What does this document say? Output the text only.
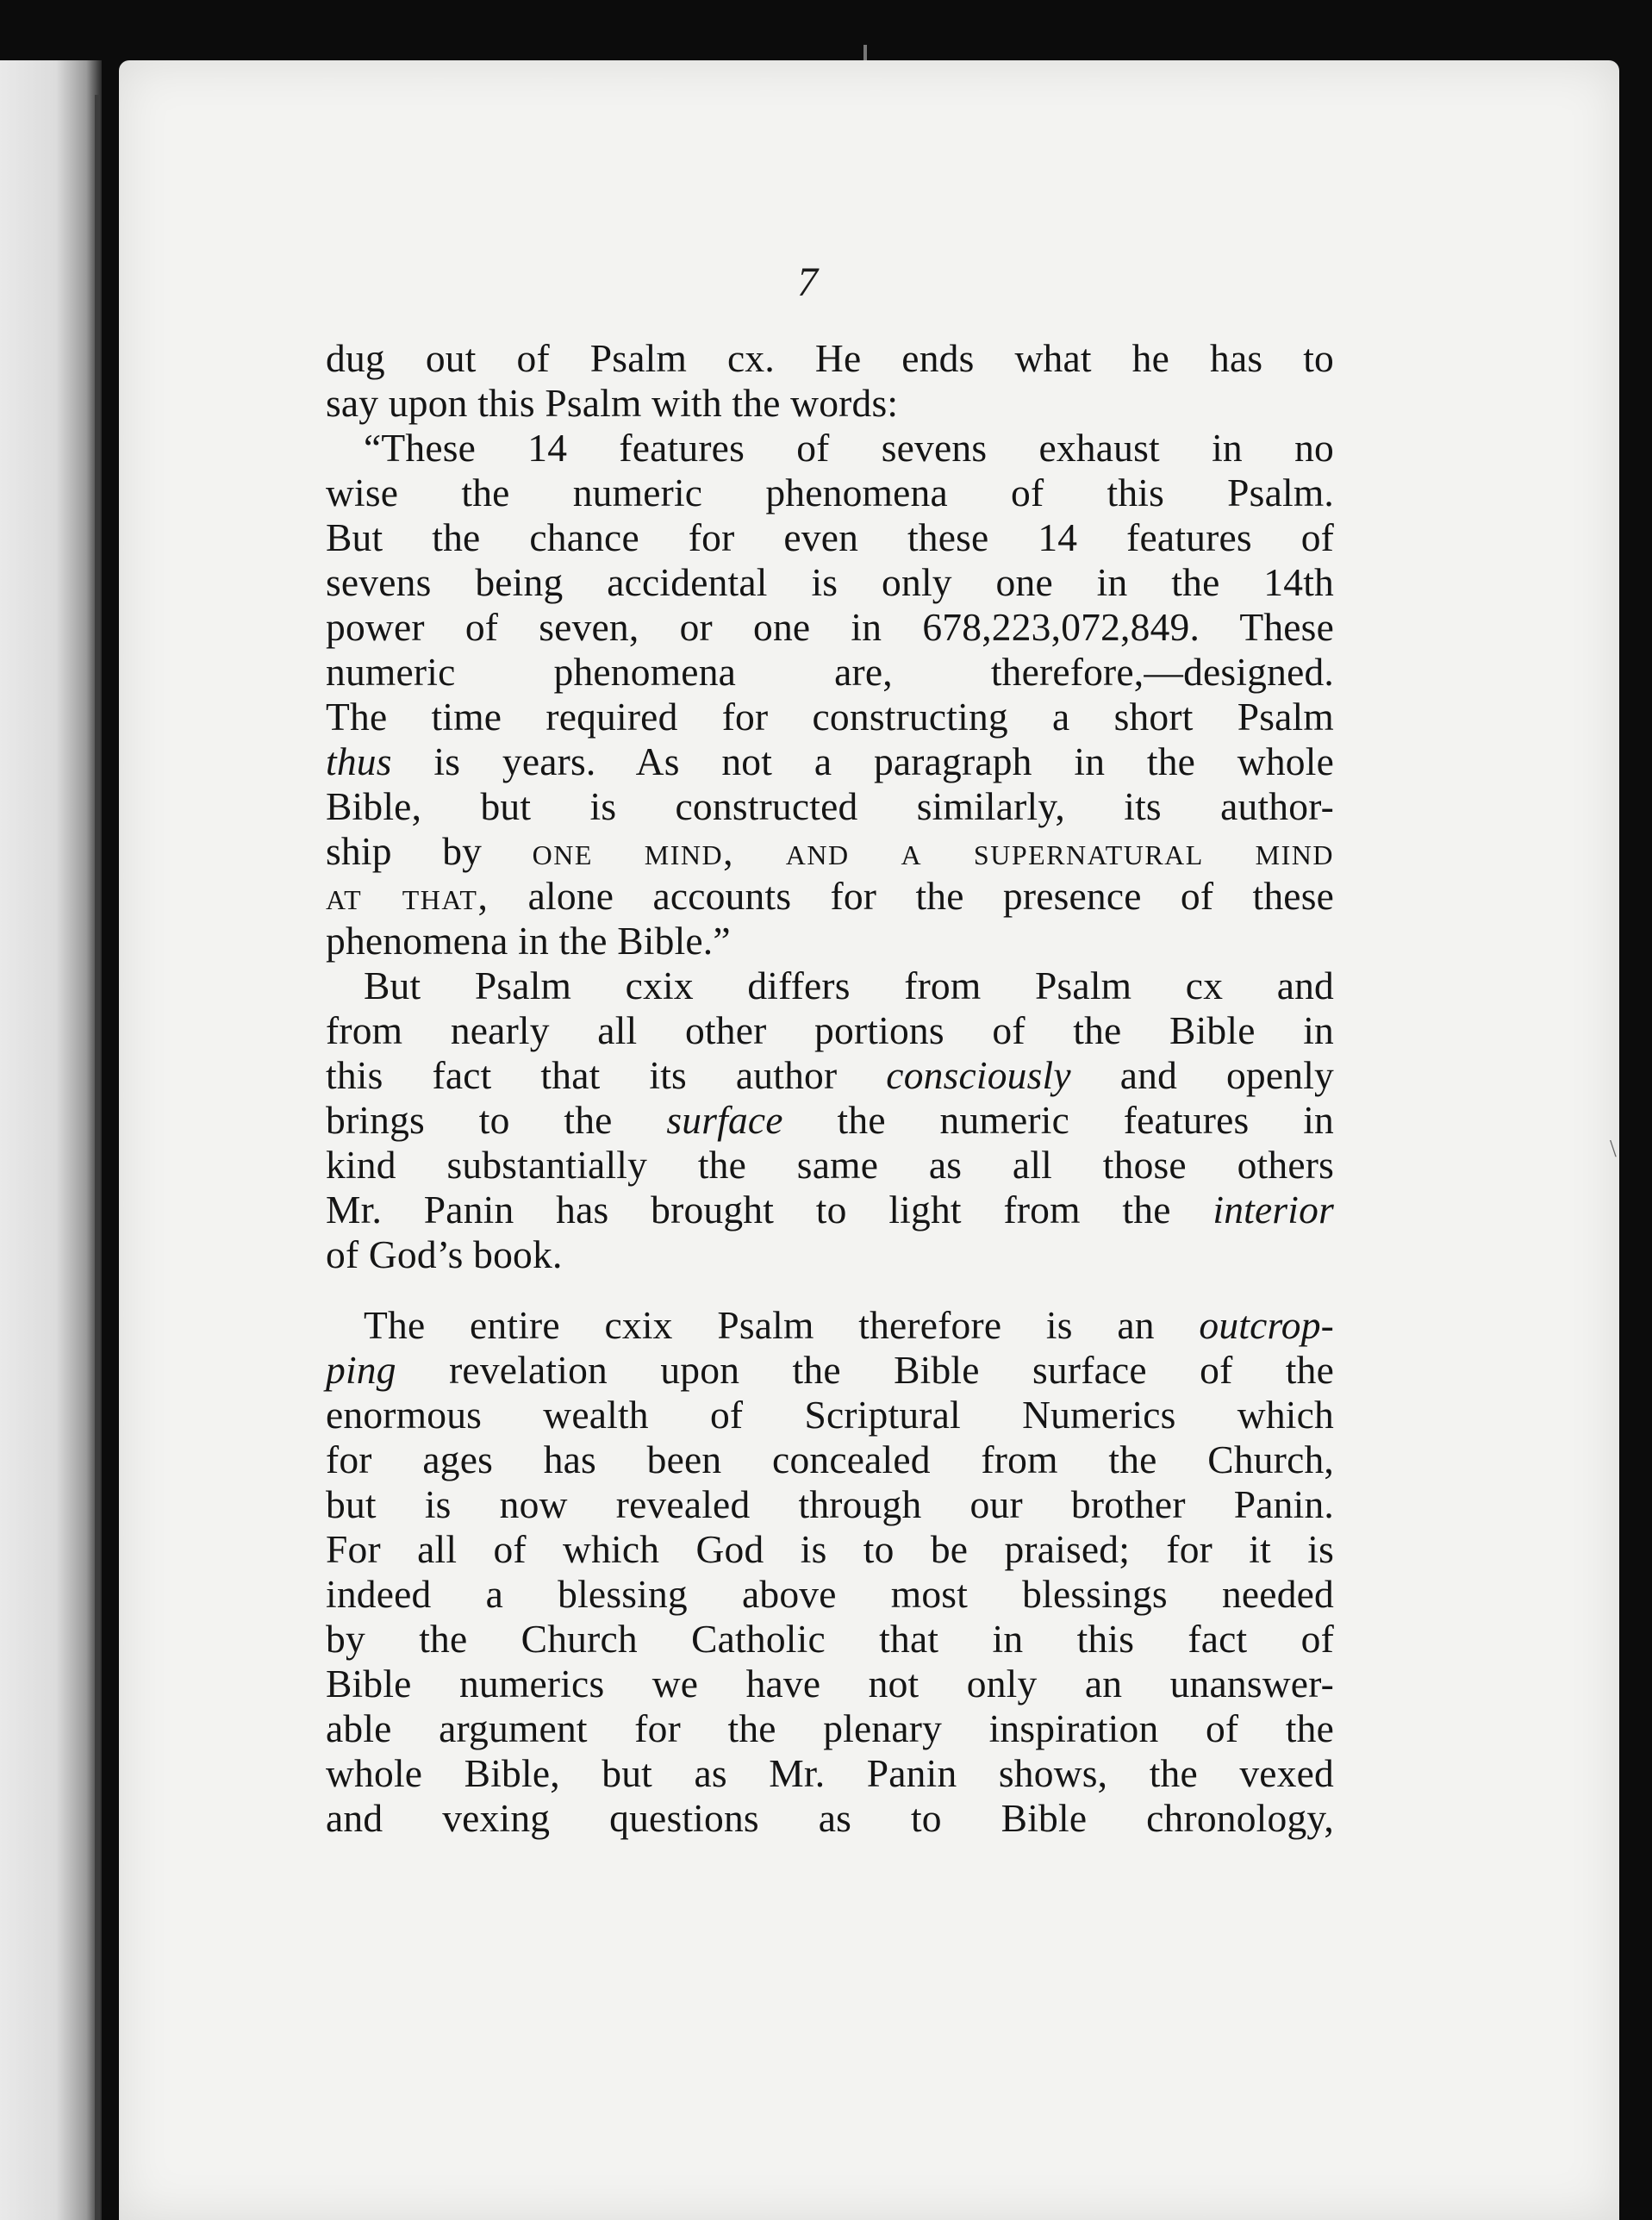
7
dug out of Psalm cx. He ends what he has to
say upon this Psalm with the words:
“These 14 features of sevens exhaust in no
wise the numeric phenomena of this Psalm.
But the chance for even these 14 features of
sevens being accidental is only one in the 14th
power of seven, or one in 678,223,072,849. These
numeric phenomena are, therefore,—designed.
The time required for constructing a short Psalm
thus is years. As not a paragraph in the whole
Bible, but is constructed similarly, its author-
ship by one mind, and a supernatural mind
at that, alone accounts for the presence of these
phenomena in the Bible.”
But Psalm cxix differs from Psalm cx and
from nearly all other portions of the Bible in
this fact that its author consciously and openly
brings to the surface the numeric features in
kind substantially the same as all those others
Mr. Panin has brought to light from the interior
of God’s book.
The entire cxix Psalm therefore is an outcrop-
ping revelation upon the Bible surface of the
enormous wealth of Scriptural Numerics which
for ages has been concealed from the Church,
but is now revealed through our brother Panin.
For all of which God is to be praised; for it is
indeed a blessing above most blessings needed
by the Church Catholic that in this fact of
Bible numerics we have not only an unanswer-
able argument for the plenary inspiration of the
whole Bible, but as Mr. Panin shows, the vexed
and vexing questions as to Bible chronology,
\
